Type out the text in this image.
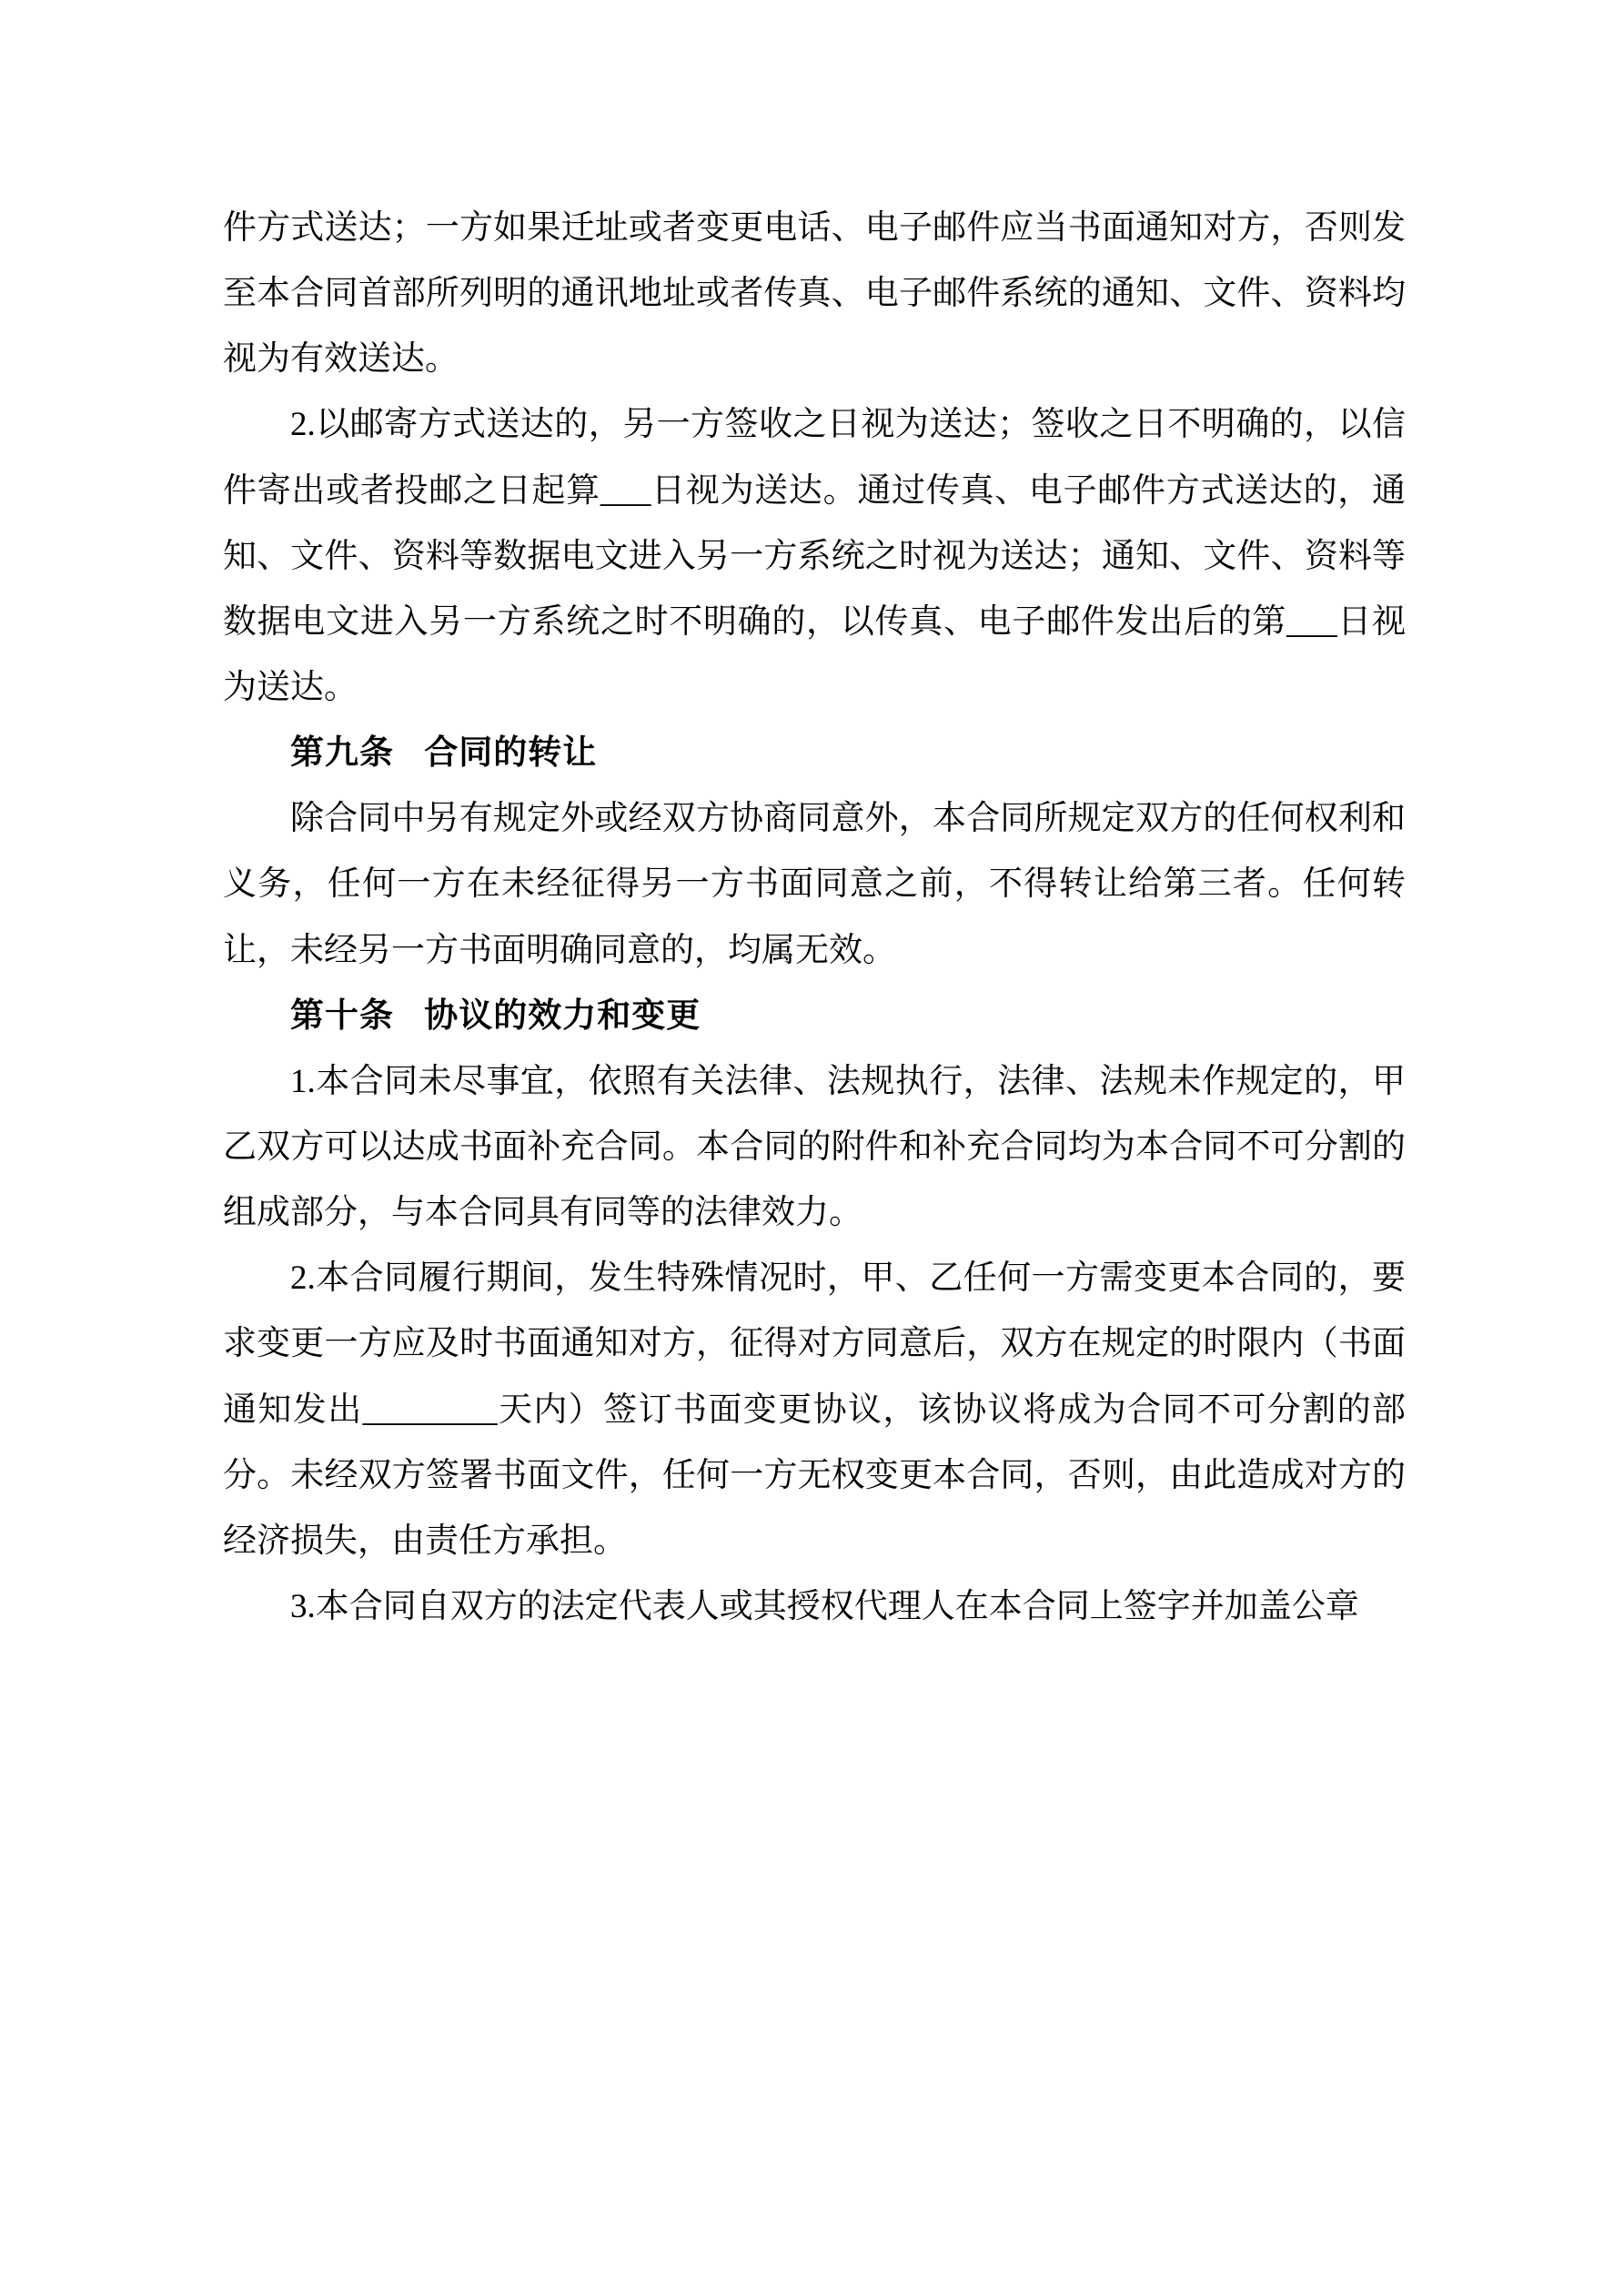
件方式送达；一方如果迁址或者变更电话、电子邮件应当书面通知对方，否则发至本合同首部所列明的通讯地址或者传真、电子邮件系统的通知、文件、资料均视为有效送达。

2.以邮寄方式送达的，另一方签收之日视为送达；签收之日不明确的，以信件寄出或者投邮之日起算___日视为送达。通过传真、电子邮件方式送达的，通知、文件、资料等数据电文进入另一方系统之时视为送达；通知、文件、资料等数据电文进入另一方系统之时不明确的，以传真、电子邮件发出后的第___日视为送达。

第九条 合同的转让

除合同中另有规定外或经双方协商同意外，本合同所规定双方的任何权利和义务，任何一方在未经征得另一方书面同意之前，不得转让给第三者。任何转让，未经另一方书面明确同意的，均属无效。

第十条 协议的效力和变更

1.本合同未尽事宜，依照有关法律、法规执行，法律、法规未作规定的，甲乙双方可以达成书面补充合同。本合同的附件和补充合同均为本合同不可分割的组成部分，与本合同具有同等的法律效力。

2.本合同履行期间，发生特殊情况时，甲、乙任何一方需变更本合同的，要求变更一方应及时书面通知对方，征得对方同意后，双方在规定的时限内（书面通知发出________天内）签订书面变更协议，该协议将成为合同不可分割的部分。未经双方签署书面文件，任何一方无权变更本合同，否则，由此造成对方的经济损失，由责任方承担。

3.本合同自双方的法定代表人或其授权代理人在本合同上签字并加盖公章
